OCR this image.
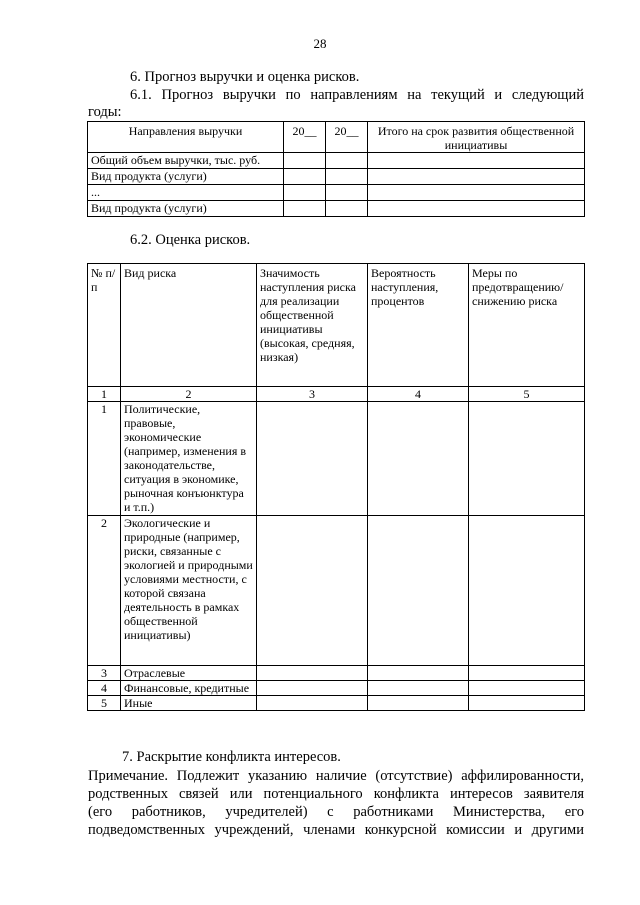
28
6. Прогноз выручки и оценка рисков.
6.1. Прогноз выручки по направлениям на текущий и следующий
годы:
Направления выручки	20__	20__	Итого на срок развития общественной инициативы
Общий объем выручки, тыс. руб.			
Вид продукта (услуги)			
...			
Вид продукта (услуги)			
6.2. Оценка рисков.
№ п/п	Вид риска	Значимость наступления риска для реализации общественной инициативы (высокая, средняя, низкая)	Вероятность наступления, процентов	Меры по предотвращению/ снижению риска
1	2	3	4	5
1	Политические, правовые, экономические (например, изменения в законодательстве, ситуация в экономике, рыночная конъюнктура и т.п.)			
2	Экологические и природные (например, риски, связанные с экологией и природными условиями местности, с которой связана деятельность в рамках общественной инициативы)			
3	Отраслевые			
4	Финансовые, кредитные			
5	Иные			
7. Раскрытие конфликта интересов.
Примечание. Подлежит указанию наличие (отсутствие) аффилированности,
родственных связей или потенциального конфликта интересов заявителя
(его работников, учредителей) с работниками Министерства, его
подведомственных учреждений, членами конкурсной комиссии и другими
